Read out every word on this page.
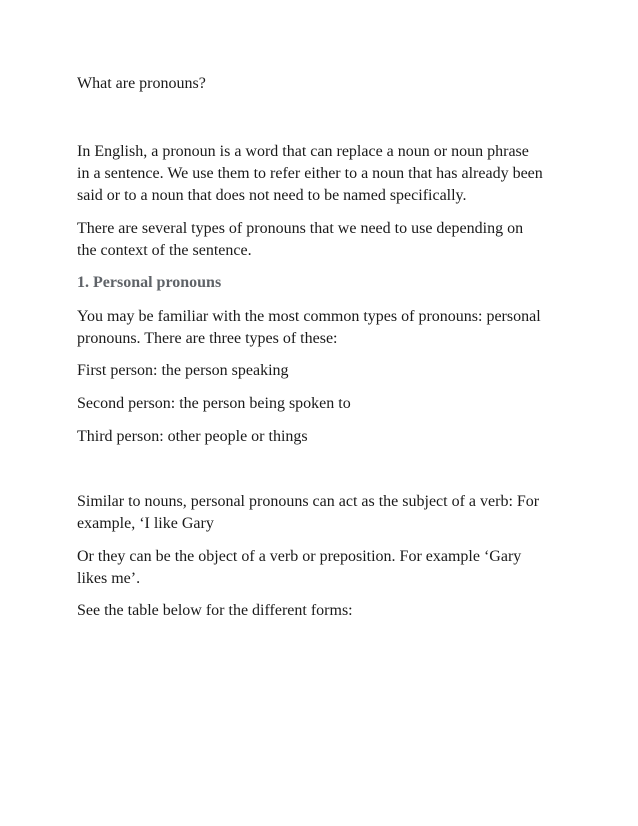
What are pronouns?

In English, a pronoun is a word that can replace a noun or noun phrase
in a sentence. We use them to refer either to a noun that has already been
said or to a noun that does not need to be named specifically.

There are several types of pronouns that we need to use depending on
the context of the sentence.

1. Personal pronouns

You may be familiar with the most common types of pronouns: personal
pronouns. There are three types of these:

First person: the person speaking

Second person: the person being spoken to

Third person: other people or things

Similar to nouns, personal pronouns can act as the subject of a verb: For
example, ‘I like Gary

Or they can be the object of a verb or preposition. For example ‘Gary
likes me’.

See the table below for the different forms:
